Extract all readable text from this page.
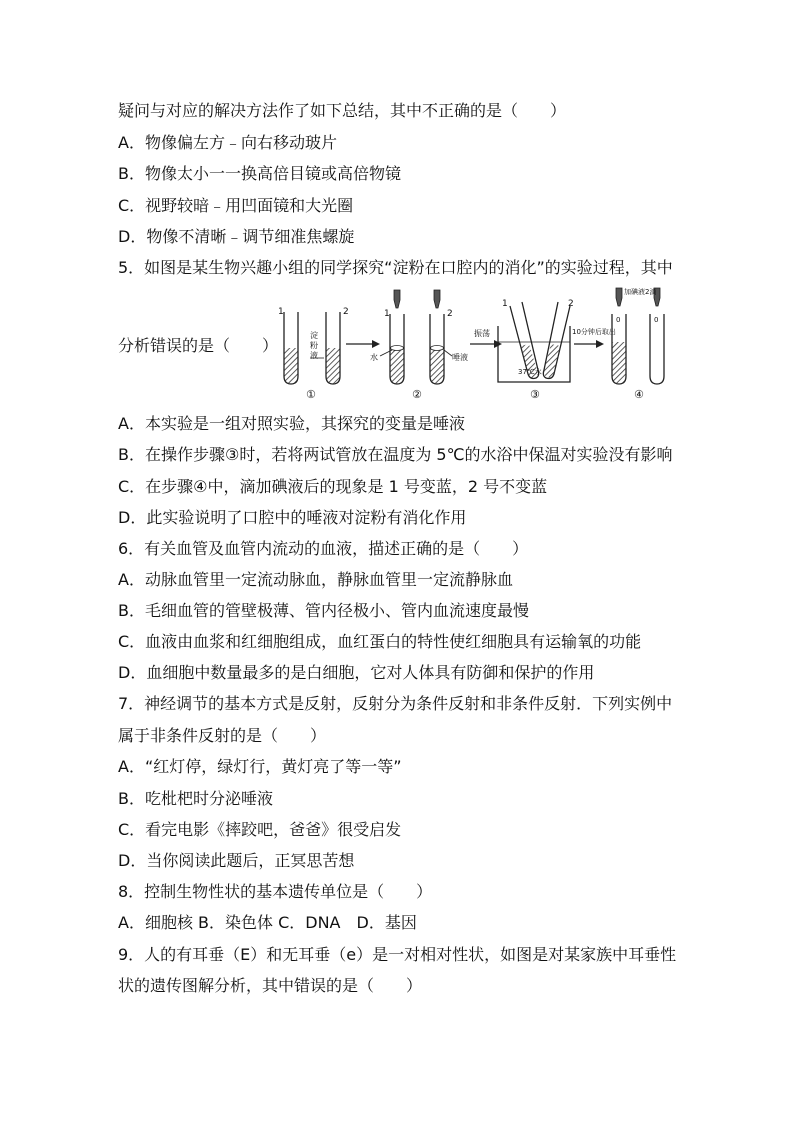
疑问与对应的解决方法作了如下总结，其中不正确的是（　　）
A．物像偏左方﹣向右移动玻片
B．物像太小一一换高倍目镜或高倍物镜
C．视野较暗﹣用凹面镜和大光圈
D．物像不清晰﹣调节细准焦螺旋
5．如图是某生物兴趣小组的同学探究“淀粉在口腔内的消化”的实验过程，其中
分析错误的是（　　）
A．本实验是一组对照实验，其探究的变量是唾液
B．在操作步骤③时，若将两试管放在温度为 5℃的水浴中保温对实验没有影响
C．在步骤④中，滴加碘液后的现象是 1 号变蓝，2 号不变蓝
D．此实验说明了口腔中的唾液对淀粉有消化作用
6．有关血管及血管内流动的血液，描述正确的是（　　）
A．动脉血管里一定流动脉血，静脉血管里一定流静脉血
B．毛细血管的管壁极薄、管内径极小、管内血流速度最慢
C．血液由血浆和红细胞组成，血红蛋白的特性使红细胞具有运输氧的功能
D．血细胞中数量最多的是白细胞，它对人体具有防御和保护的作用
7．神经调节的基本方式是反射，反射分为条件反射和非条件反射．下列实例中
属于非条件反射的是（　　）
A．“红灯停，绿灯行，黄灯亮了等一等”
B．吃枇杷时分泌唾液
C．看完电影《摔跤吧，爸爸》很受启发
D．当你阅读此题后，正冥思苦想
8．控制生物性状的基本遗传单位是（　　）
A．细胞核 B．染色体 C．DNA　D．基因
9．人的有耳垂（E）和无耳垂（e）是一对相对性状，如图是对某家族中耳垂性
状的遗传图解分析，其中错误的是（　　）
1	2
淀粉液
①
1	2
水	唾液
②
振荡
1	2
37℃水
③
10分钟后取出
加碘液2滴
0	0
④
